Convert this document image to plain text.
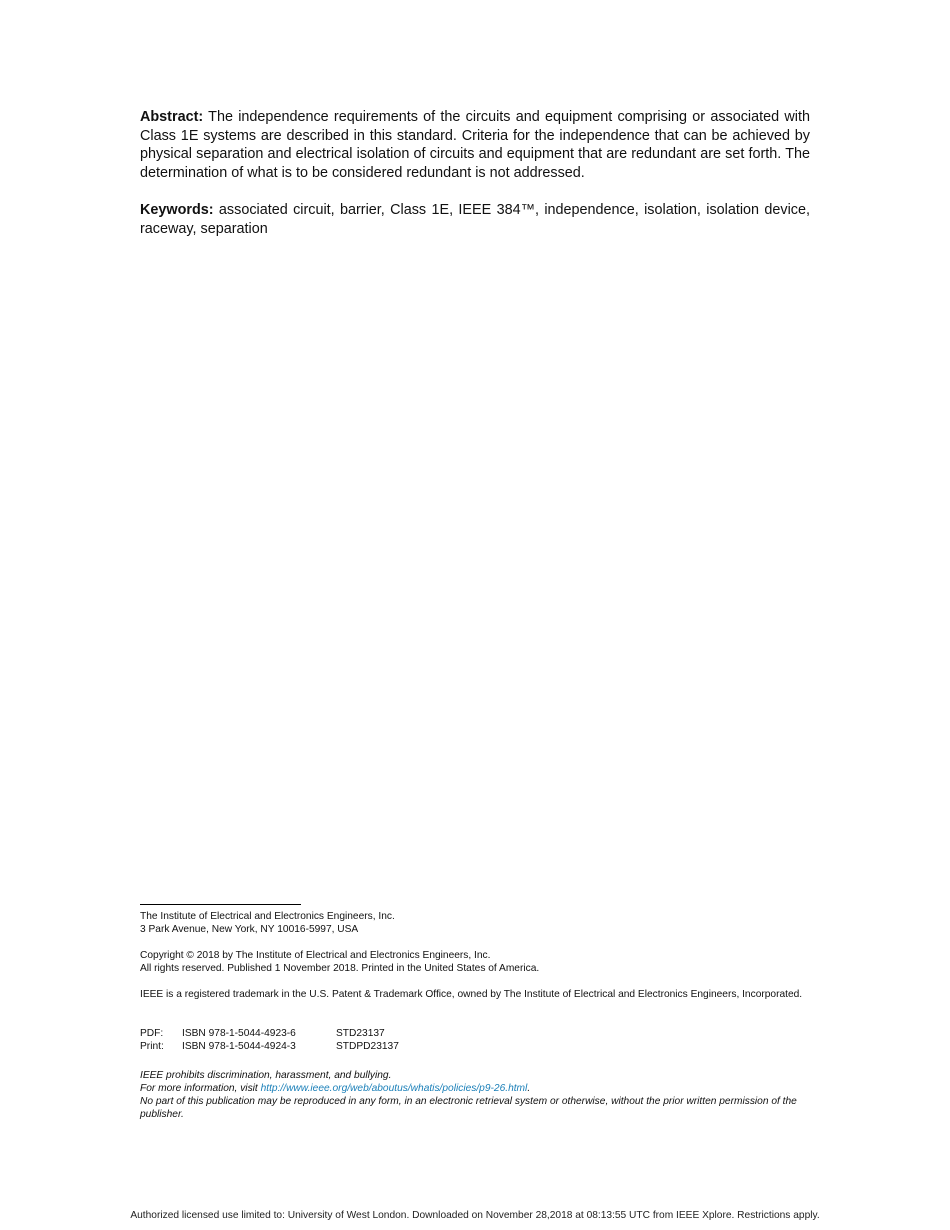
Abstract: The independence requirements of the circuits and equipment comprising or associated with Class 1E systems are described in this standard. Criteria for the independence that can be achieved by physical separation and electrical isolation of circuits and equipment that are redundant are set forth. The determination of what is to be considered redundant is not addressed.

Keywords: associated circuit, barrier, Class 1E, IEEE 384™, independence, isolation, isolation device, raceway, separation

The Institute of Electrical and Electronics Engineers, Inc.
3 Park Avenue, New York, NY 10016-5997, USA
Copyright © 2018 by The Institute of Electrical and Electronics Engineers, Inc.
All rights reserved. Published 1 November 2018. Printed in the United States of America.
IEEE is a registered trademark in the U.S. Patent & Trademark Office, owned by The Institute of Electrical and Electronics Engineers, Incorporated.
PDF:	ISBN 978-1-5044-4923-6	STD23137
Print:	ISBN 978-1-5044-4924-3	STDPD23137
IEEE prohibits discrimination, harassment, and bullying.
For more information, visit http://www.ieee.org/web/aboutus/whatis/policies/p9-26.html.
No part of this publication may be reproduced in any form, in an electronic retrieval system or otherwise, without the prior written permission of the publisher.
Authorized licensed use limited to: University of West London. Downloaded on November 28,2018 at 08:13:55 UTC from IEEE Xplore. Restrictions apply.
